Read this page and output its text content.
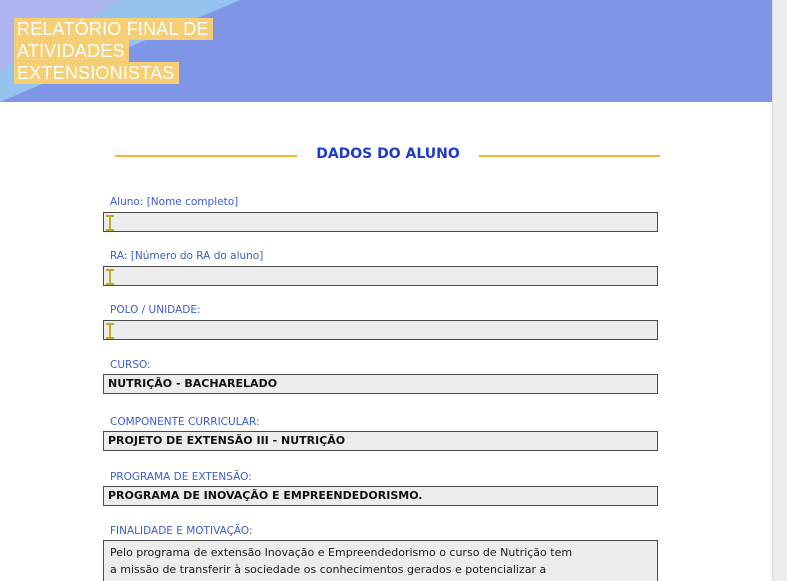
RELATÓRIO FINAL DE
ATIVIDADES
EXTENSIONISTAS
DADOS DO ALUNO
Aluno: [Nome completo]
RA: [Número do RA do aluno]
POLO / UNIDADE:
CURSO:
NUTRIÇÃO - BACHARELADO
COMPONENTE CURRICULAR:
PROJETO DE EXTENSÃO III - NUTRIÇÃO
PROGRAMA DE EXTENSÃO:
PROGRAMA DE INOVAÇÃO E EMPREENDEDORISMO.
FINALIDADE E MOTIVAÇÃO:
Pelo programa de extensão Inovação e Empreendedorismo o curso de Nutrição tem
a missão de transferir à sociedade os conhecimentos gerados e potencializar a
